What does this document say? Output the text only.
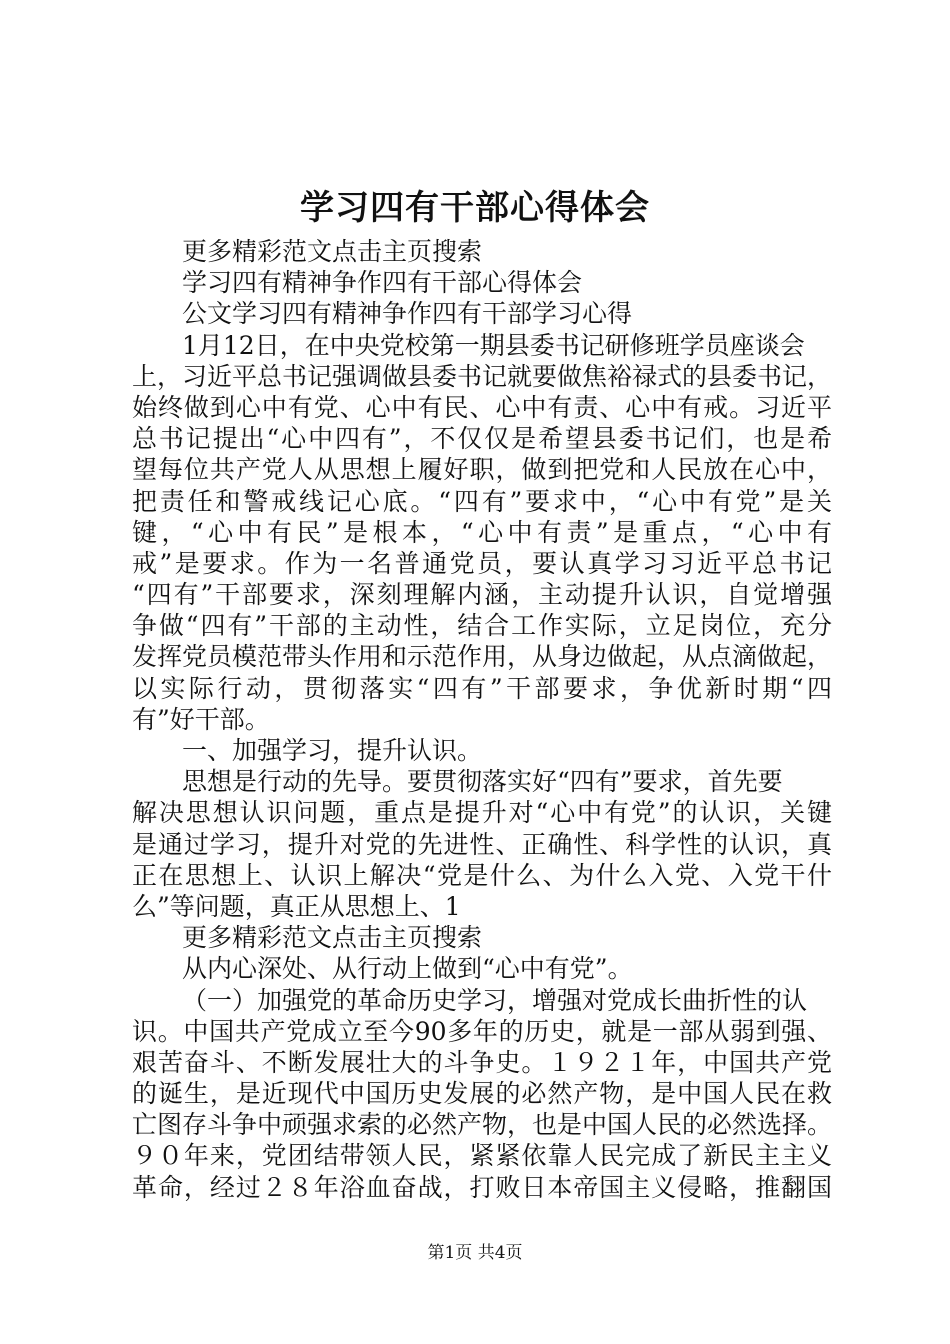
学习四有干部心得体会
更多精彩范文点击主页搜索
学习四有精神争作四有干部心得体会
公文学习四有精神争作四有干部学习心得
1月12日，在中央党校第一期县委书记研修班学员座谈会
上，习近平总书记强调做县委书记就要做焦裕禄式的县委书记，
始终做到心中有党、心中有民、心中有责、心中有戒。习近平
总书记提出“心中四有”，不仅仅是希望县委书记们，也是希
望每位共产党人从思想上履好职，做到把党和人民放在心中，
把责任和警戒线记心底。“四有”要求中，“心中有党”是关
键，“心中有民”是根本，“心中有责”是重点，“心中有
戒”是要求。作为一名普通党员，要认真学习习近平总书记
“四有”干部要求，深刻理解内涵，主动提升认识，自觉增强
争做“四有”干部的主动性，结合工作实际，立足岗位，充分
发挥党员模范带头作用和示范作用，从身边做起，从点滴做起，
以实际行动，贯彻落实“四有”干部要求，争优新时期“四
有”好干部。
一、加强学习，提升认识。
思想是行动的先导。要贯彻落实好“四有”要求，首先要
解决思想认识问题，重点是提升对“心中有党”的认识，关键
是通过学习，提升对党的先进性、正确性、科学性的认识，真
正在思想上、认识上解决“党是什么、为什么入党、入党干什
么”等问题，真正从思想上、1
更多精彩范文点击主页搜索
从内心深处、从行动上做到“心中有党”。
（一）加强党的革命历史学习，增强对党成长曲折性的认
识。中国共产党成立至今90多年的历史，就是一部从弱到强、
艰苦奋斗、不断发展壮大的斗争史。１９２１年，中国共产党
的诞生，是近现代中国历史发展的必然产物，是中国人民在救
亡图存斗争中顽强求索的必然产物，也是中国人民的必然选择。
９０年来，党团结带领人民，紧紧依靠人民完成了新民主主义
革命，经过２８年浴血奋战，打败日本帝国主义侵略，推翻国
第1页 共4页
